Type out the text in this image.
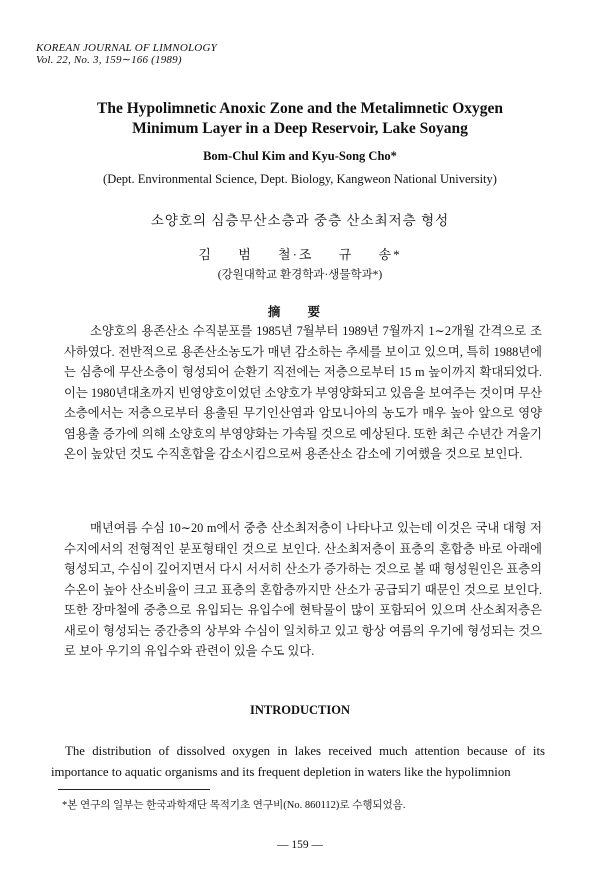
KOREAN JOURNAL OF LIMNOLOGY
Vol. 22, No. 3, 159∼166 (1989)
The Hypolimnetic Anoxic Zone and the Metalimnetic Oxygen
Minimum Layer in a Deep Reservoir, Lake Soyang
Bom-Chul Kim and Kyu-Song Cho*
(Dept. Environmental Science, Dept. Biology, Kangweon National University)
소양호의 심층무산소층과 중층 산소최저층 형성
김 범 철·조 규 송*
(강원대학교 환경학과·생물학과*)
摘 要

소양호의 용존산소 수직분포를 1985년 7월부터 1989년 7월까지 1∼2개월 간격으로 조사하였다. 전반적으로 용존산소농도가 매년 감소하는 추세를 보이고 있으며, 특히 1988년에는 심층에 무산소층이 형성되어 순환기 직전에는 저층으로부터 15 m 높이까지 확대되었다. 이는 1980년대초까지 빈영양호이었던 소양호가 부영양화되고 있음을 보여주는 것이며 무산소층에서는 저층으로부터 용출된 무기인산염과 암모니아의 농도가 매우 높아 앞으로 영양염용출 증가에 의해 소양호의 부영양화는 가속될 것으로 예상된다. 또한 최근 수년간 겨울기온이 높았던 것도 수직혼합을 감소시킴으로써 용존산소 감소에 기여했을 것으로 보인다.

매년여름 수심 10∼20 m에서 중층 산소최저층이 나타나고 있는데 이것은 국내 대형 저수지에서의 전형적인 분포형태인 것으로 보인다. 산소최저층이 표층의 혼합층 바로 아래에 형성되고, 수심이 깊어지면서 다시 서서히 산소가 증가하는 것으로 볼 때 형성원인은 표층의 수온이 높아 산소비율이 크고 표층의 혼합층까지만 산소가 공급되기 때문인 것으로 보인다. 또한 장마철에 중층으로 유입되는 유입수에 현탁물이 많이 포함되어 있으며 산소최저층은 새로이 형성되는 중간층의 상부와 수심이 일치하고 있고 항상 여름의 우기에 형성되는 것으로 보아 우기의 유입수와 관련이 있을 수도 있다.

INTRODUCTION

The distribution of dissolved oxygen in lakes received much attention because of its importance to aquatic organisms and its frequent depletion in waters like the hypolimnion

*본 연구의 일부는 한국과학재단 목적기초 연구비(No. 860112)로 수행되었음.
— 159 —
